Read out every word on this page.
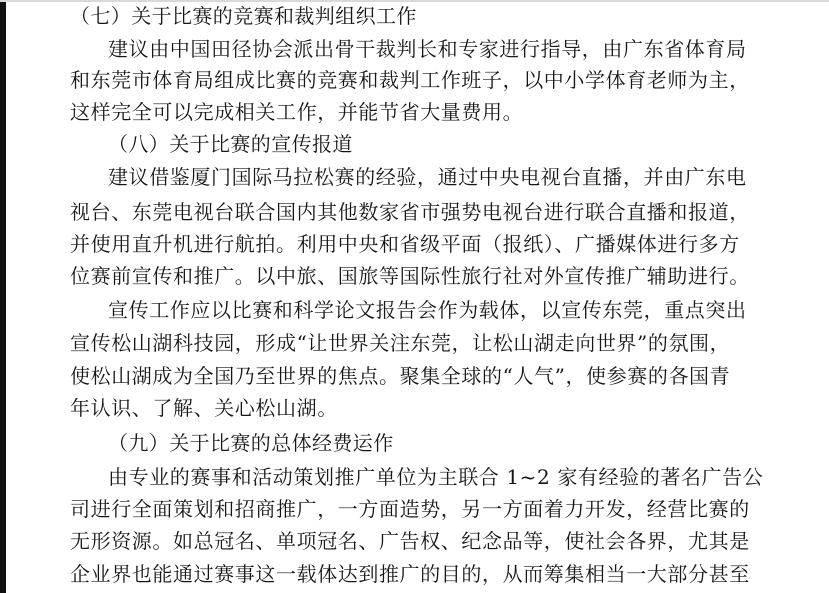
（七）关于比赛的竞赛和裁判组织工作
建议由中国田径协会派出骨干裁判长和专家进行指导，由广东省体育局
和东莞市体育局组成比赛的竞赛和裁判工作班子，以中小学体育老师为主，
这样完全可以完成相关工作，并能节省大量费用。
（八）关于比赛的宣传报道
建议借鉴厦门国际马拉松赛的经验，通过中央电视台直播，并由广东电
视台、东莞电视台联合国内其他数家省市强势电视台进行联合直播和报道，
并使用直升机进行航拍。利用中央和省级平面（报纸）、广播媒体进行多方
位赛前宣传和推广。以中旅、国旅等国际性旅行社对外宣传推广辅助进行。
宣传工作应以比赛和科学论文报告会作为载体，以宣传东莞，重点突出
宣传松山湖科技园，形成“让世界关注东莞，让松山湖走向世界”的氛围，
使松山湖成为全国乃至世界的焦点。聚集全球的“人气”，使参赛的各国青
年认识、了解、关心松山湖。
（九）关于比赛的总体经费运作
由专业的赛事和活动策划推广单位为主联合 1~2 家有经验的著名广告公
司进行全面策划和招商推广，一方面造势，另一方面着力开发，经营比赛的
无形资源。如总冠名、单项冠名、广告权、纪念品等，使社会各界，尤其是
企业界也能通过赛事这一载体达到推广的目的，从而筹集相当一大部分甚至
